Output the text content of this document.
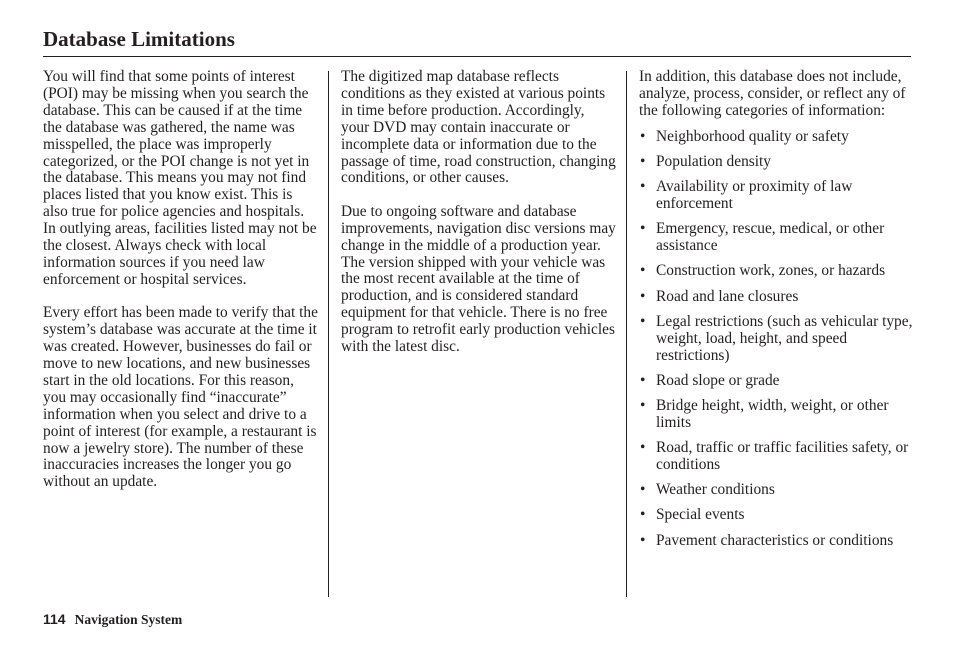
Database Limitations

You will find that some points of interest (POI) may be missing when you search the database. This can be caused if at the time the database was gathered, the name was misspelled, the place was improperly categorized, or the POI change is not yet in the database. This means you may not find places listed that you know exist. This is also true for police agencies and hospitals. In outlying areas, facilities listed may not be the closest. Always check with local information sources if you need law enforcement or hospital services.

Every effort has been made to verify that the system’s database was accurate at the time it was created. However, businesses do fail or move to new locations, and new businesses start in the old locations. For this reason, you may occasionally find “inaccurate” information when you select and drive to a point of interest (for example, a restaurant is now a jewelry store). The number of these inaccuracies increases the longer you go without an update.

The digitized map database reflects conditions as they existed at various points in time before production. Accordingly, your DVD may contain inaccurate or incomplete data or information due to the passage of time, road construction, changing conditions, or other causes.

Due to ongoing software and database improvements, navigation disc versions may change in the middle of a production year. The version shipped with your vehicle was the most recent available at the time of production, and is considered standard equipment for that vehicle. There is no free program to retrofit early production vehicles with the latest disc.

In addition, this database does not include, analyze, process, consider, or reflect any of the following categories of information:

• Neighborhood quality or safety
• Population density
• Availability or proximity of law enforcement
• Emergency, rescue, medical, or other assistance
• Construction work, zones, or hazards
• Road and lane closures
• Legal restrictions (such as vehicular type, weight, load, height, and speed restrictions)
• Road slope or grade
• Bridge height, width, weight, or other limits
• Road, traffic or traffic facilities safety, or conditions
• Weather conditions
• Special events
• Pavement characteristics or conditions
114 Navigation System
